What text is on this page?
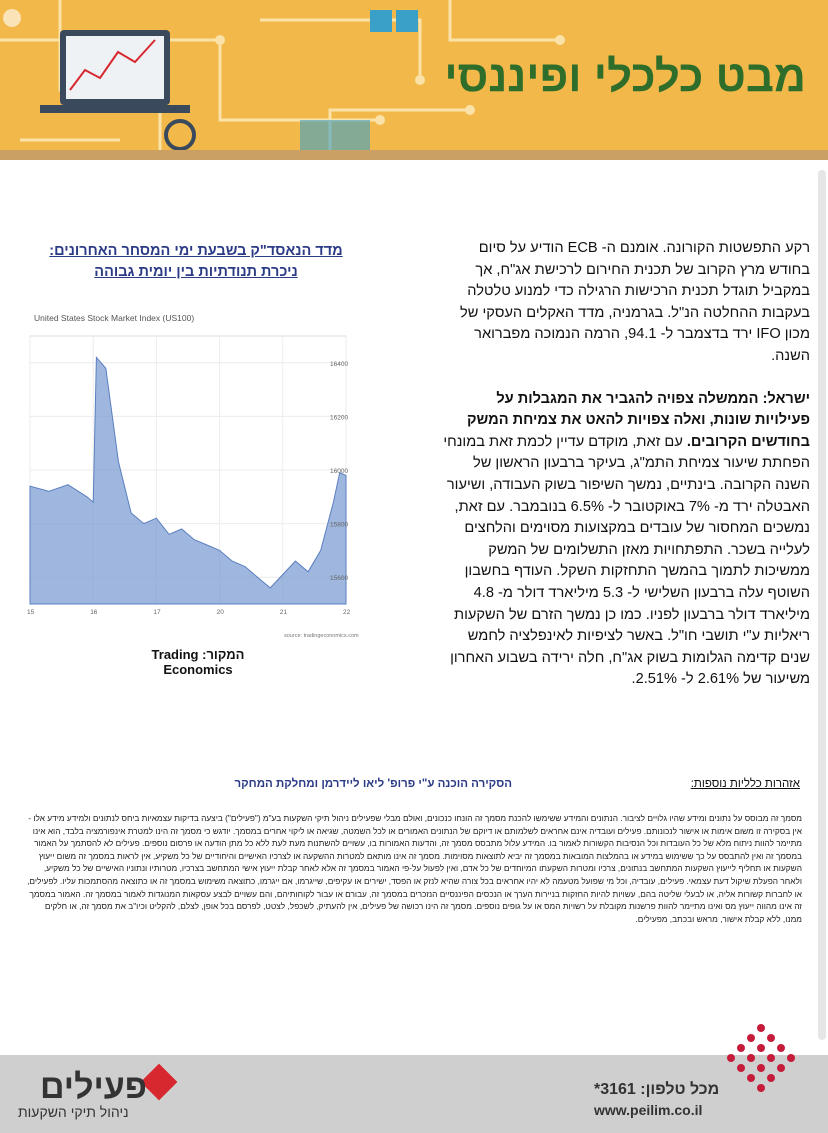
מבט כלכלי ופיננסי

רקע התפשטות הקורונה. אומנם ה- ECB הודיע על סיום בחודש מרץ הקרוב של תכנית החירום לרכישת אג"ח, אך במקביל תוגדל תכנית הרכישות הרגילה כדי למנוע טלטלה בעקבות ההחלטה הנ"ל. בגרמניה, מדד האקלים העסקי של מכון IFO ירד בדצמבר ל- 94.1, הרמה הנמוכה מפברואר השנה.

ישראל: הממשלה צפויה להגביר את המגבלות על פעילויות שונות, ואלה צפויות להאט את צמיחת המשק בחודשים הקרובים. עם זאת, מוקדם עדיין לכמת זאת במונחי הפחתת שיעור צמיחת התמ"ג, בעיקר ברבעון הראשון של השנה הקרובה. בינתיים, נמשך השיפור בשוק העבודה, ושיעור האבטלה ירד מ- 7% באוקטובר ל- 6.5% בנובמבר. עם זאת, נמשכים המחסור של עובדים במקצועות מסוימים והלחצים לעלייה בשכר. התפתחויות מאזן התשלומים של המשק ממשיכות לתמוך בהמשך התחזקות השקל. העודף בחשבון השוטף עלה ברבעון השלישי ל- 5.3 מיליארד דולר מ- 4.8 מיליארד דולר ברבעון לפניו. כמו כן נמשך הזרם של השקעות ריאליות ע"י תושבי חו"ל. באשר לציפיות לאינפלציה לחמש שנים קדימה הגלומות בשוק אג"ח, חלה ירידה בשבוע האחרון משיעור של 2.61% ל- 2.51%.

מדד הנאסד"ק בשבעת ימי המסחר האחרונים:
ניכרת תנודתיות בין יומית גבוהה
United States Stock Market Index (US100)
15600
15800
16000
16200
16400
15	16	17	20	21	22
source: tradingeconomics.com
המקור: Trading Economics
אזהרות כלליות נוספות:
הסקירה הוכנה ע"י פרופ' ליאו ליידרמן ומחלקת המחקר
מסמך זה מבוסס על נתונים ומידע שהיו גלויים לציבור. הנתונים והמידע ששימשו להכנת מסמך זה הונחו כנכונים, ואולם מבלי שפעילים ניהול תיקי השקעות בע"מ ("פעילים") ביצעה בדיקות עצמאיות ביחס לנתונים ולמידע מידע אלו - אין בסקירה זו משום אימות או אישור לנכונותם. פעילים ועובדיה אינם אחראים לשלמותם או דיוקם של הנתונים האמורים או לכל השמטה, שגיאה או ליקוי אחרים במסמך. יודגש כי מסמך זה הינו למטרת אינפורמציה בלבד, הוא אינו מתיימר להוות ניתוח מלא של כל העובדות וכל הנסיבות הקשורות לאמור בו. המידע עלול מתבסס מסמך זה, והדעות האמורות בו, עשויים להשתנות מעת לעת ללא כל מתן הודעה או פרסום נוספים. פעילים לא להסתמך על האמור במסמך זה ואין להתבסס על כך ששימוש במידע או בהמלצות המובאות במסמך זה יביא לתוצאות מסוימות. מסמך זה אינו מותאם למטרות ההשקעה או לצרכיו האישיים והיחודיים של כל משקיע, אין לראות במסמך זה משום ייעוץ השקעות או תחליף לייעוץ השקעות המתחשב בנתונים, צרכיו ומטרות השקעתו המיוחדים של כל אדם, ואין לפעול על-פי האמור במסמך זה אלא לאחר קבלת ייעוץ אישי המתחשב בצרכיו, מטרותיו ונתוניו האישיים של כל משקיע, ולאחר הפעלת שיקול דעת עצמאי. פעילים, עובדיה, וכל מי שפועל מטעמה לא יהיו אחראים בכל צורה שהיא לנזק או הפסד, ישירים או עקיפים, שייגרמו, אם ייגרמו, כתוצאה משימוש במסמך זה או כתוצאה מהסתמכות עליו. לפעילים, או לחברות קשורות אליה, או לבעלי שליטה בהם, עשויות להיות החזקות בניירות הערך או הנכסים הפיננסיים הנזכרים במסמך זה, עבורם או עבור לקוחותיהם, והם עשויים לבצע עסקאות המנוגדות לאמור במסמך זה. האמור במסמך זה אינו מהווה ייעוץ מס ואינו מתיימר להוות פרשנות מקובלת על רשויות המס או על גופים נוספים. מסמך זה הינו רכושה של פעילים, אין להעתיק, לשכפל, לצטט, לפרסם בכל אופן, לצלם, להקליט וכיו"ב את מסמך זה, או חלקים ממנו, ללא קבלת אישור, מראש ובכתב, מפעילים.
מכל טלפון: 3161*
www.peilim.co.il
פעילים
ניהול תיקי השקעות
